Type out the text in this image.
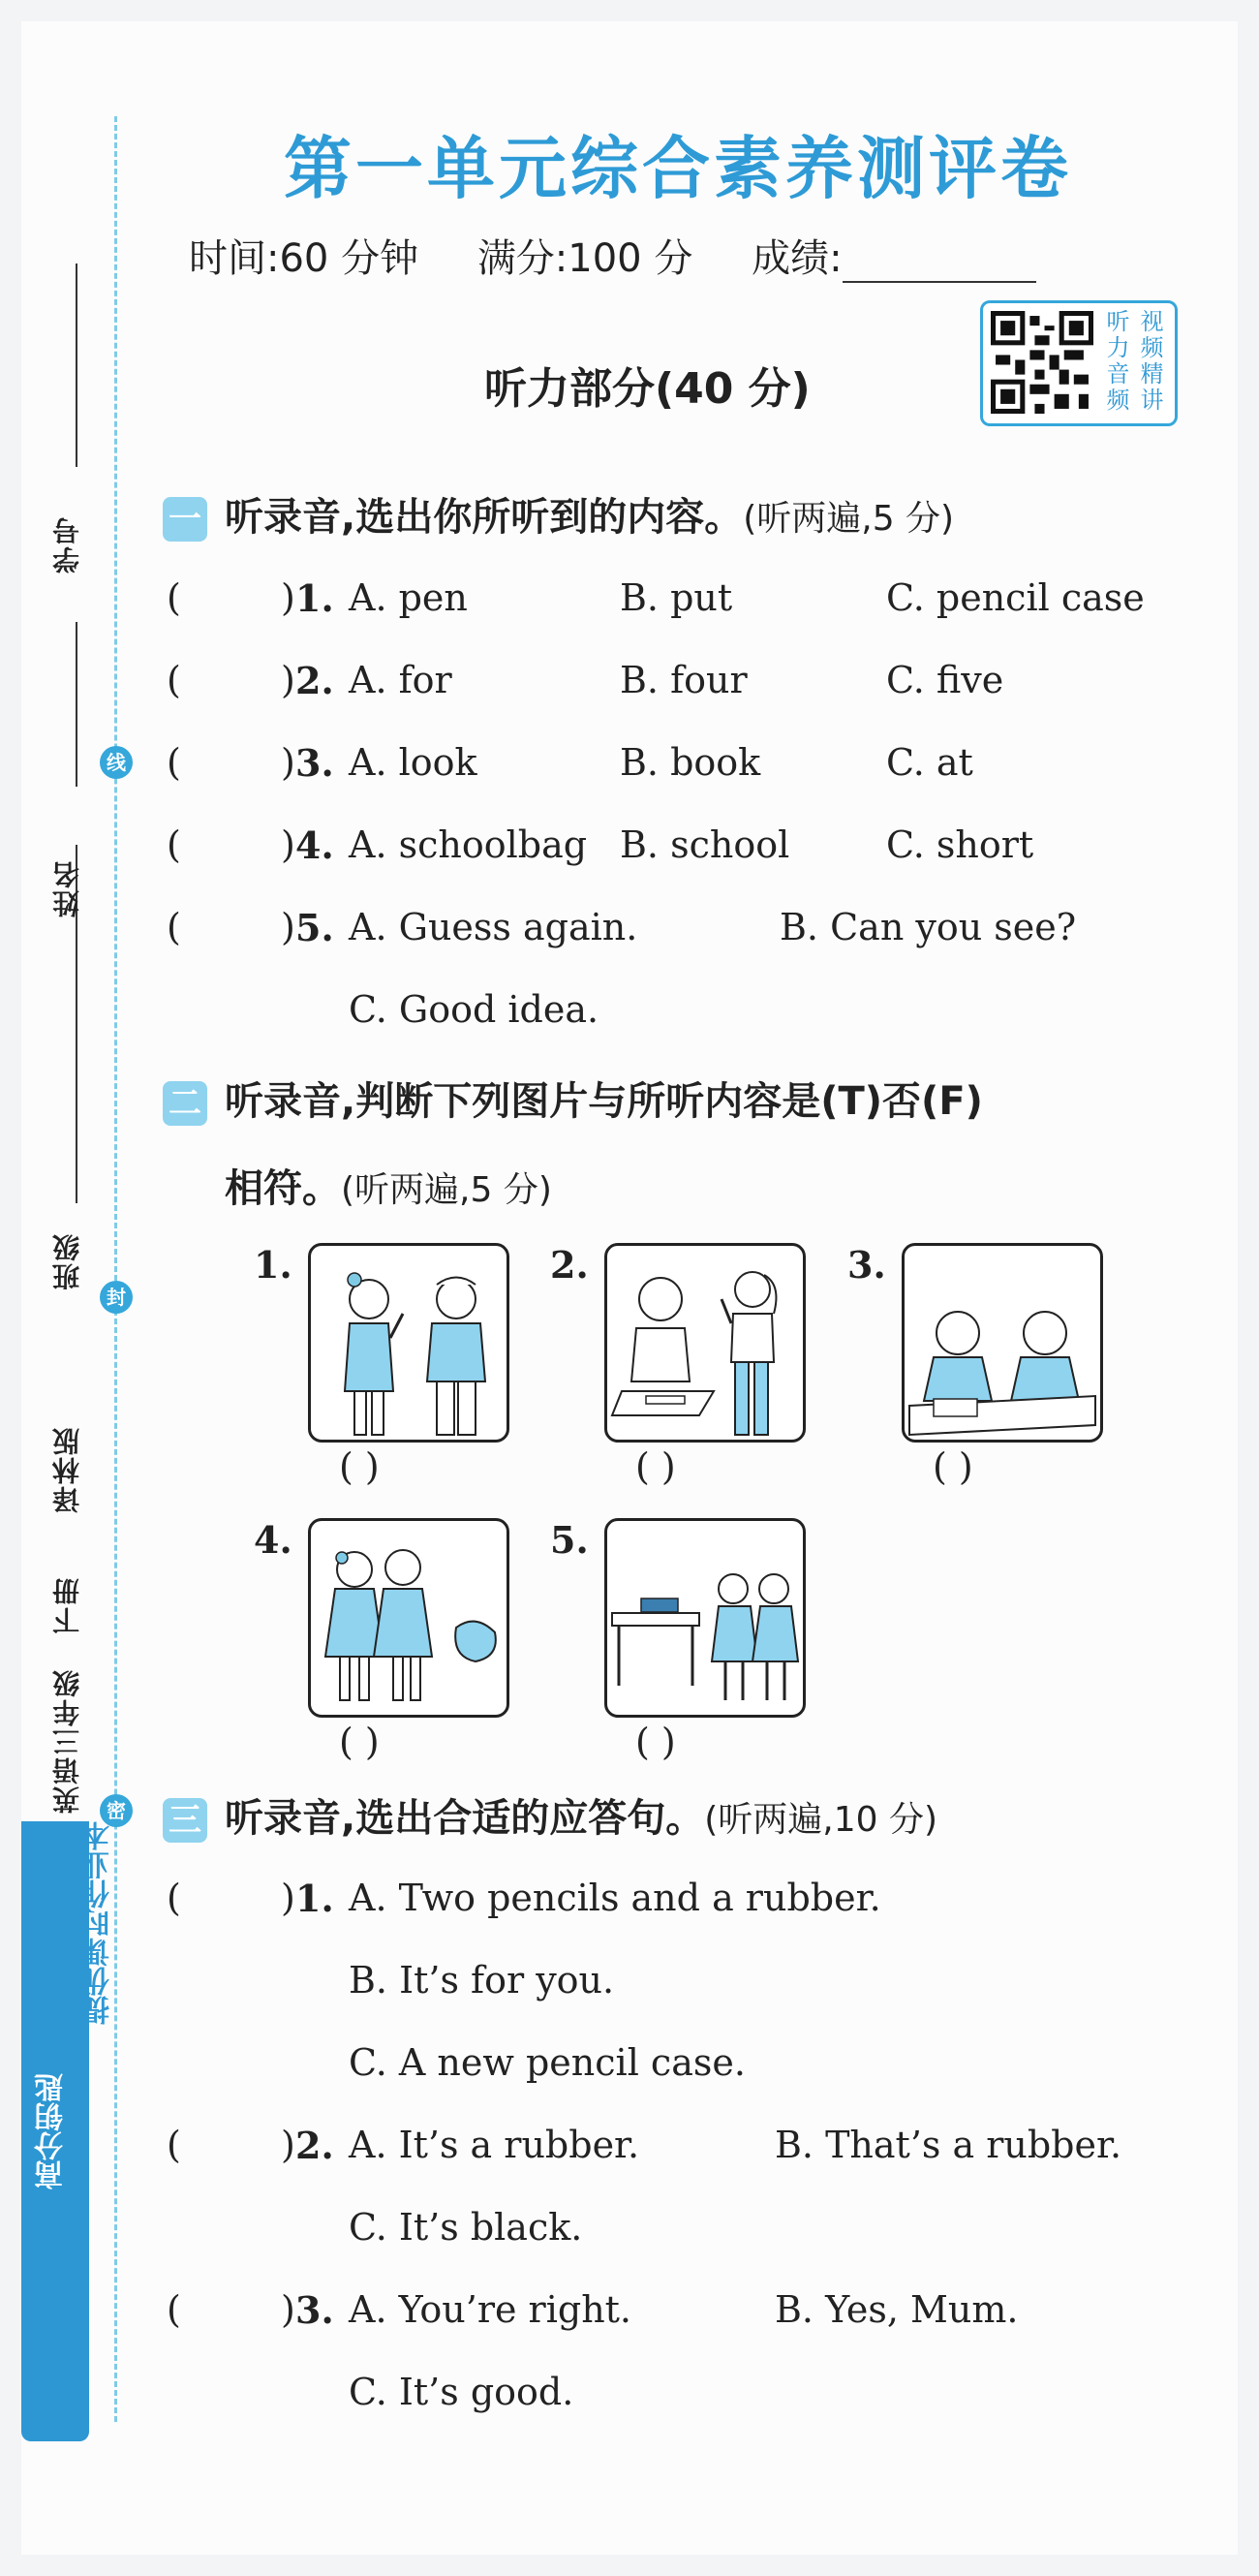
学号
姓名
班级
译林版
下册
英语三年级
线
封
密
高分钥匙
提优课时作业本
第一单元综合素养测评卷
时间:60 分钟 满分:100 分 成绩:
听 视
力 频
音 精
频 讲
听力部分(40 分)
一 听录音,选出你所听到的内容。(听两遍,5 分)
(	) 1. A. pen	B. put	C. pencil case
(	) 2. A. for	B. four	C. five
(	) 3. A. look	B. book	C. at
(	) 4. A. schoolbag B. school	C. short
(	) 5. A. Guess again.	B. Can you see?
C. Good idea.
二 听录音,判断下列图片与所听内容是(T)否(F)
相符。(听两遍,5 分)
1.
( )
2.
( )
3.
( )
4.
( )
5.
( )
三 听录音,选出合适的应答句。(听两遍,10 分)
(	) 1. A. Two pencils and a rubber.
B. It’s for you.
C. A new pencil case.
(	) 2. A. It’s a rubber.	B. That’s a rubber.
C. It’s black.
(	) 3. A. You’re right.	B. Yes, Mum.
C. It’s good.
